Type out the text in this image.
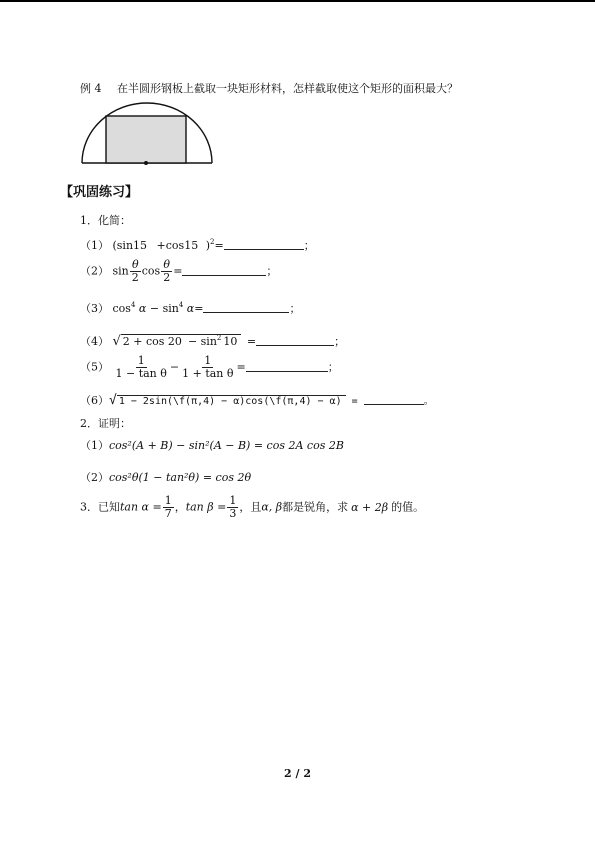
例 4 在半圆形钢板上截取一块矩形材料，怎样截取使这个矩形的面积最大？
【巩固练习】
1．化简：
（1） (sin15 +cos15 )$^2$=	；
（2） $\sin \frac{\theta}{2}$ $\cos \frac{\theta}{2}$ =	；
（3） $\cos^4 \alpha - \sin^4 \alpha=$	；
（4） √ $2 + \cos 20 - \sin^2 10$ =	；
$(5) \frac{1}{\text{1 − tan θ}} - \frac{1}{\text{1 + tan θ}}$ =	；
（6）√ 1 − 2sin(\f(π,4) − α)cos(\f(π,4) − α) =	。
2．证明：
（1）cos²(A + B) − sin²(A − B) = cos 2A cos 2B
（2）cos²θ(1 − tan²θ) = cos 2θ
3．已知$\tan \alpha = \frac{1}{7}$ ，$\tan \beta = \frac{1}{3}$ ，且α, β都是锐角，求 α + 2β 的值。
2 / 2
